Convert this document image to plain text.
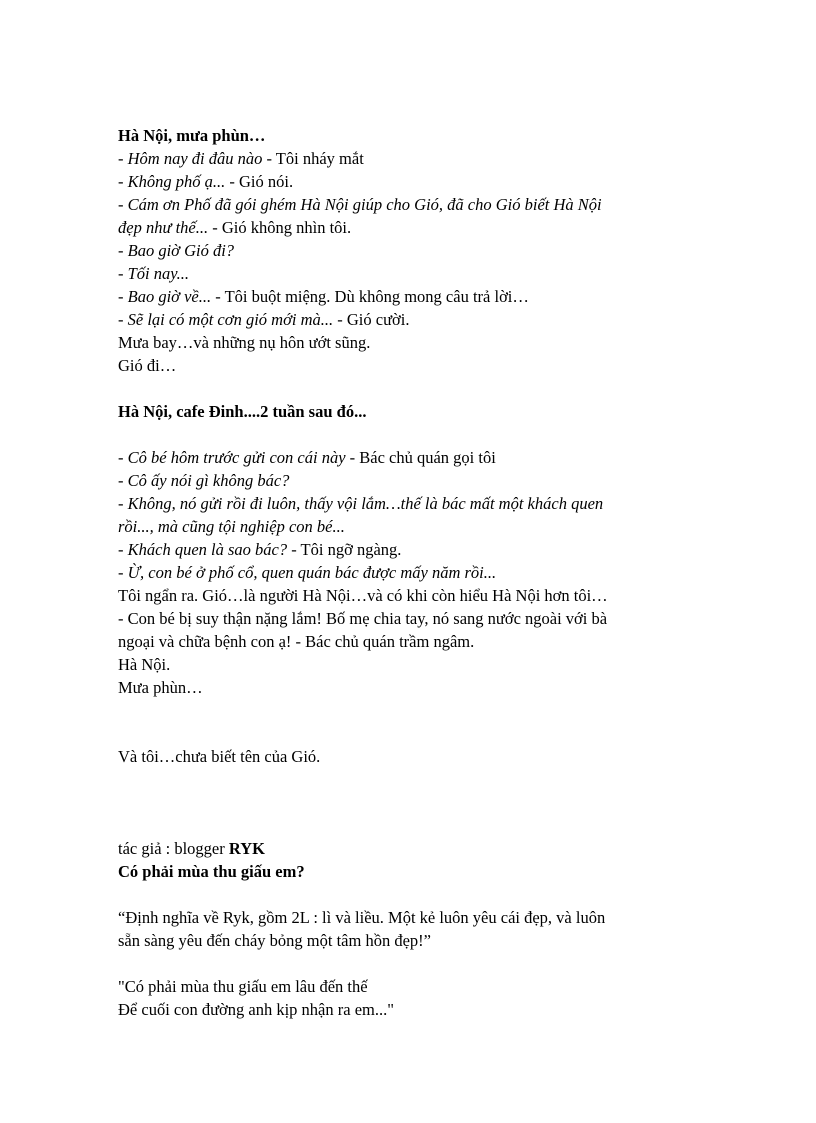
Hà Nội, mưa phùn…

- Hôm nay đi đâu nào - Tôi nháy mắt

- Không phố ạ... - Gió nói.

- Cám ơn Phố đã gói ghém Hà Nội giúp cho Gió, đã cho Gió biết Hà Nội

đẹp như thế... - Gió không nhìn tôi.

- Bao giờ Gió đi?

- Tối nay...

- Bao giờ về... - Tôi buột miệng. Dù không mong câu trả lời…

- Sẽ lại có một cơn gió mới mà... - Gió cười.

Mưa bay…và những nụ hôn ướt sũng.

Gió đi…

Hà Nội, cafe Đinh....2 tuần sau đó...

- Cô bé hôm trước gửi con cái này - Bác chủ quán gọi tôi

- Cô ấy nói gì không bác?

- Không, nó gửi rồi đi luôn, thấy vội lắm…thế là bác mất một khách quen

rồi..., mà cũng tội nghiệp con bé...

- Khách quen là sao bác? - Tôi ngỡ ngàng.

- Ừ, con bé ở phố cổ, quen quán bác được mấy năm rồi...

Tôi ngẩn ra. Gió…là người Hà Nội…và có khi còn hiểu Hà Nội hơn tôi…

- Con bé bị suy thận nặng lắm! Bố mẹ chia tay, nó sang nước ngoài với bà

ngoại và chữa bệnh con ạ! - Bác chủ quán trầm ngâm.

Hà Nội.

Mưa phùn…

Và tôi…chưa biết tên của Gió.

tác giả : blogger RYK

Có phải mùa thu giấu em?

“Định nghĩa về Ryk, gồm 2L : lì và liều. Một kẻ luôn yêu cái đẹp, và luôn

sẵn sàng yêu đến cháy bỏng một tâm hồn đẹp!”

"Có phải mùa thu giấu em lâu đến thế

Để cuối con đường anh kịp nhận ra em..."
